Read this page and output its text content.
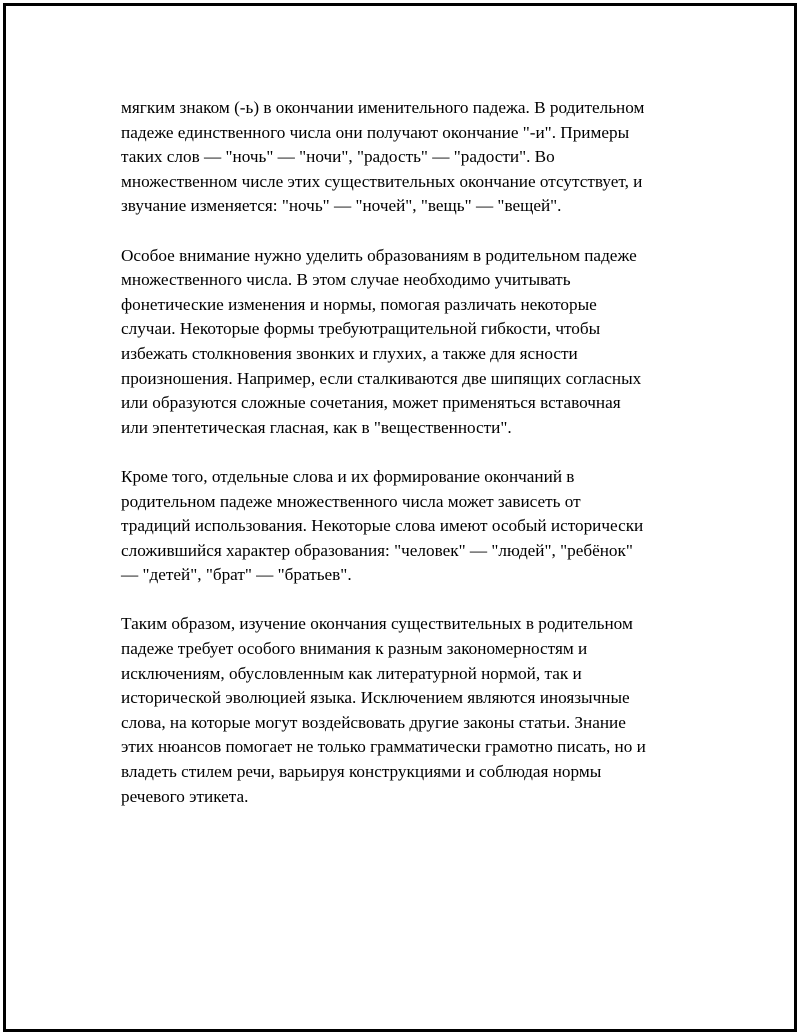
мягким знаком (-ь) в окончании именительного падежа. В родительном
падеже единственного числа они получают окончание "-и". Примеры
таких слов — "ночь" — "ночи", "радость" — "радости". Во
множественном числе этих существительных окончание отсутствует, и
звучание изменяется: "ночь" — "ночей", "вещь" — "вещей".

Особое внимание нужно уделить образованиям в родительном падеже
множественного числа. В этом случае необходимо учитывать
фонетические изменения и нормы, помогая различать некоторые
случаи. Некоторые формы требуютращительной гибкости, чтобы
избежать столкновения звонких и глухих, а также для ясности
произношения. Например, если сталкиваются две шипящих согласных
или образуются сложные сочетания, может применяться вставочная
или эпентетическая гласная, как в "вещественности".

Кроме того, отдельные слова и их формирование окончаний в
родительном падеже множественного числа может зависеть от
традиций использования. Некоторые слова имеют особый исторически
сложившийся характер образования: "человек" — "людей", "ребёнок"
— "детей", "брат" — "братьев".

Таким образом, изучение окончания существительных в родительном
падеже требует особого внимания к разным закономерностям и
исключениям, обусловленным как литературной нормой, так и
исторической эволюцией языка. Исключением являются иноязычные
слова, на которые могут воздейсвовать другие законы статьи. Знание
этих нюансов помогает не только грамматически грамотно писать, но и
владеть стилем речи, варьируя конструкциями и соблюдая нормы
речевого этикета.
